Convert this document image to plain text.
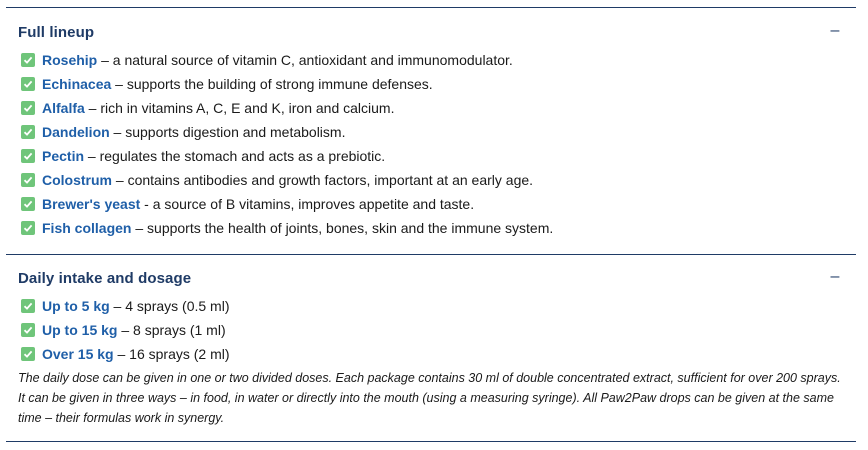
Full lineup	–
Rosehip – a natural source of vitamin C, antioxidant and immunomodulator.
Echinacea – supports the building of strong immune defenses.
Alfalfa – rich in vitamins A, C, E and K, iron and calcium.
Dandelion – supports digestion and metabolism.
Pectin – regulates the stomach and acts as a prebiotic.
Colostrum – contains antibodies and growth factors, important at an early age.
Brewer's yeast - a source of B vitamins, improves appetite and taste.
Fish collagen – supports the health of joints, bones, skin and the immune system.
Daily intake and dosage	–
Up to 5 kg – 4 sprays (0.5 ml)
Up to 15 kg – 8 sprays (1 ml)
Over 15 kg – 16 sprays (2 ml)
The daily dose can be given in one or two divided doses. Each package contains 30 ml of double concentrated extract, sufficient for over 200 sprays. It can be given in three ways – in food, in water or directly into the mouth (using a measuring syringe). All Paw2Paw drops can be given at the same time – their formulas work in synergy.
